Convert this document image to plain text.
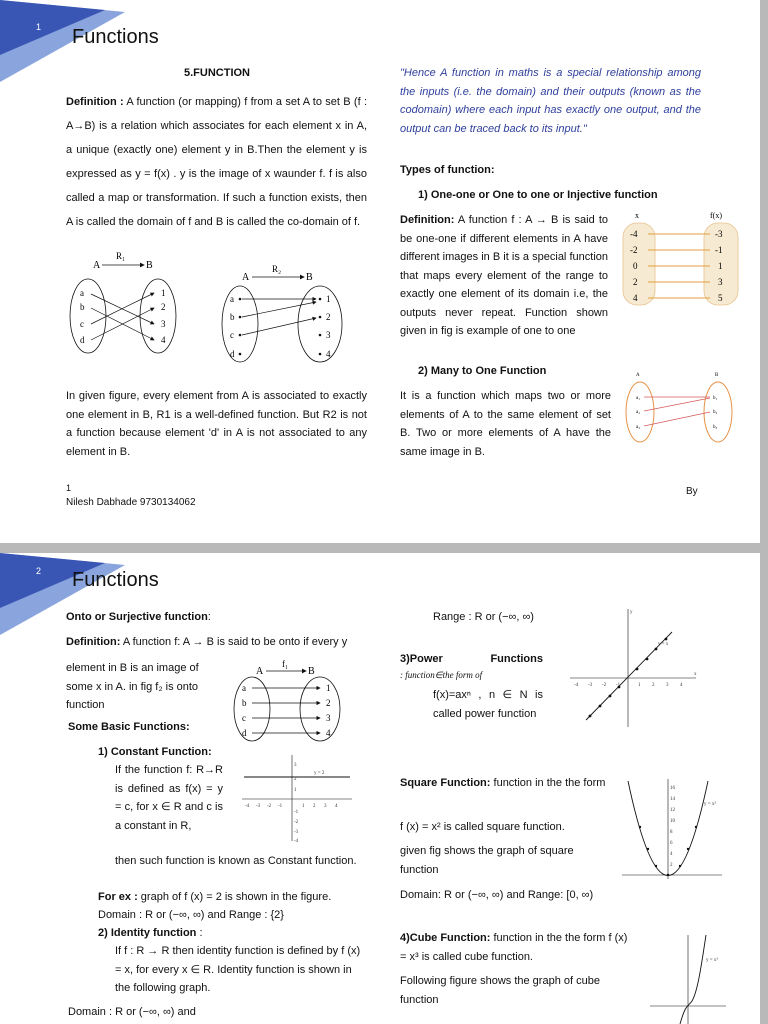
1 Functions
5.FUNCTION
Definition : A function (or mapping) f from a set A to set B (f : A→B) is a relation which associates for each element x in A, a unique (exactly one) element y in B.Then the element y is expressed as y = f(x) . y is the image of x waunder f. f is also called a map or transformation. If such a function exists, then A is called the domain of f and B is called the co-domain of f.
A
R₁
B
a
b
c
d
1
2
3
4
A
R₂
B
a
b
c
d
1
2
3
4
In given figure, every element from A is associated to exactly one element in B, R1 is a well-defined function. But R2 is not a function because element 'd' in A is not associated to any element in B.
"Hence A function in maths is a special relationship among the inputs (i.e. the domain) and their outputs (known as the codomain) where each input has exactly one output, and the output can be traced back to its input."
Types of function:
1) One-one or One to one or Injective function
Definition: A function f : A → B is said to be one-one if different elements in A have different images in B it is a special function that maps every element of the range to exactly one element of its domain i.e, the outputs never repeat. Function shown given in fig is example of one to one
x	f(x)
-4
-2
0
2
4
-3
-1
1
3
5
2) Many to One Function
It is a function which maps two or more elements of A to the same element of set B. Two or more elements of A have the same image in B.
A	B
a₁
a₂
a₃
b₁
b₂
b₃
1
Nilesh Dabhade 9730134062
By
2 Functions
Onto or Surjective function:
Definition: A function f: A → B is said to be onto if every y
element in B is an image of some x in A. in fig f₂ is onto function
A
f₁
B
a
b
c
d
1
2
3
4
Some Basic Functions:
1) Constant Function:
If the function f: R→R is defined as f(x) = y = c, for x ∈ R and c is a constant in R,
y = 2
-4 -3 -2 -1	1 2 3 4
3
2
1
-1
-2
-3
-4
then such function is known as Constant function.
For ex : graph of f (x) = 2 is shown in the figure.
Domain : R or (−∞, ∞) and Range : {2}
2) Identity function :
If f : R → R then identity function is defined by f (x) = x, for every x ∈ R. Identity function is shown in the following graph.
Domain : R or (−∞, ∞) and
Range : R or (−∞, ∞)
y = x
y
x
-4 -3 -2 -1	1 2 3 4
3)Power Functions
: function∈the form of
f(x)=axⁿ , n ∈ N is called power function
Square Function: function in the the form
f (x) = x² is called square function.
given fig shows the graph of square function
Domain: R or (−∞, ∞) and Range: [0, ∞)
y = x²
16
14
12
10
8
6
4
2
4)Cube Function: function in the the form f (x) = x³ is called cube function.
Following figure shows the graph of cube function
y = x³
